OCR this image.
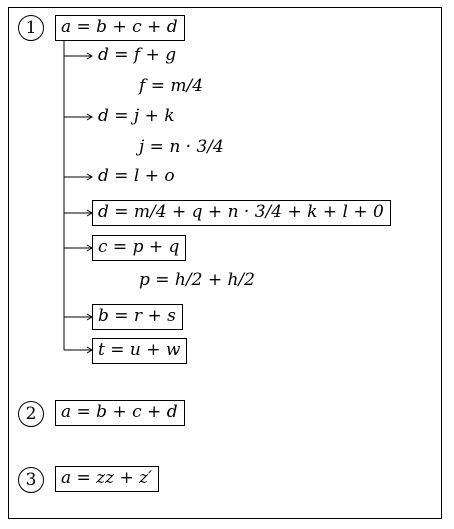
1	a = b + c + d
d = f + g
f = m/4
d = j + k
j = n · 3/4
d = l + o
d = m/4 + q + n · 3/4 + k + l + 0
c = p + q
p = h/2 + h/2
b = r + s
t = u + w
2	a = b + c + d
3	a = zz + z′
